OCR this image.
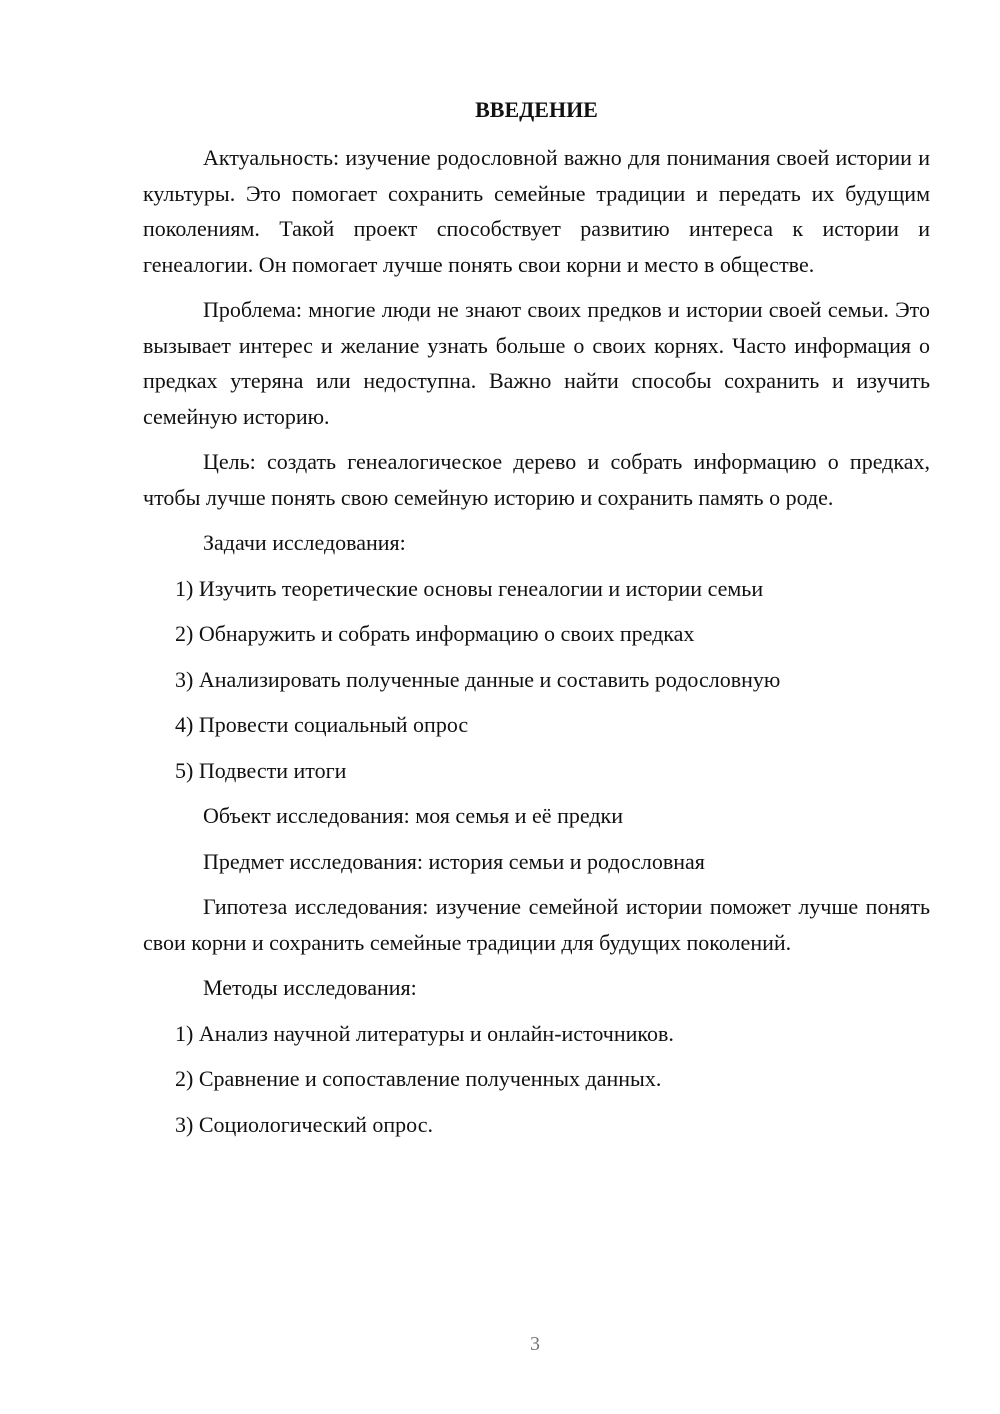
ВВЕДЕНИЕ

Актуальность: изучение родословной важно для понимания своей истории и культуры. Это помогает сохранить семейные традиции и передать их будущим поколениям. Такой проект способствует развитию интереса к истории и генеалогии. Он помогает лучше понять свои корни и место в обществе.

Проблема: многие люди не знают своих предков и истории своей семьи. Это вызывает интерес и желание узнать больше о своих корнях. Часто информация о предках утеряна или недоступна. Важно найти способы сохранить и изучить семейную историю.

Цель: создать генеалогическое дерево и собрать информацию о предках, чтобы лучше понять свою семейную историю и сохранить память о роде.

Задачи исследования:
1) Изучить теоретические основы генеалогии и истории семьи
2) Обнаружить и собрать информацию о своих предках
3) Анализировать полученные данные и составить родословную
4) Провести социальный опрос
5) Подвести итоги
Объект исследования: моя семья и её предки
Предмет исследования: история семьи и родословная

Гипотеза исследования: изучение семейной истории поможет лучше понять свои корни и сохранить семейные традиции для будущих поколений.

Методы исследования:
1) Анализ научной литературы и онлайн-источников.
2) Сравнение и сопоставление полученных данных.
3) Социологический опрос.
3
